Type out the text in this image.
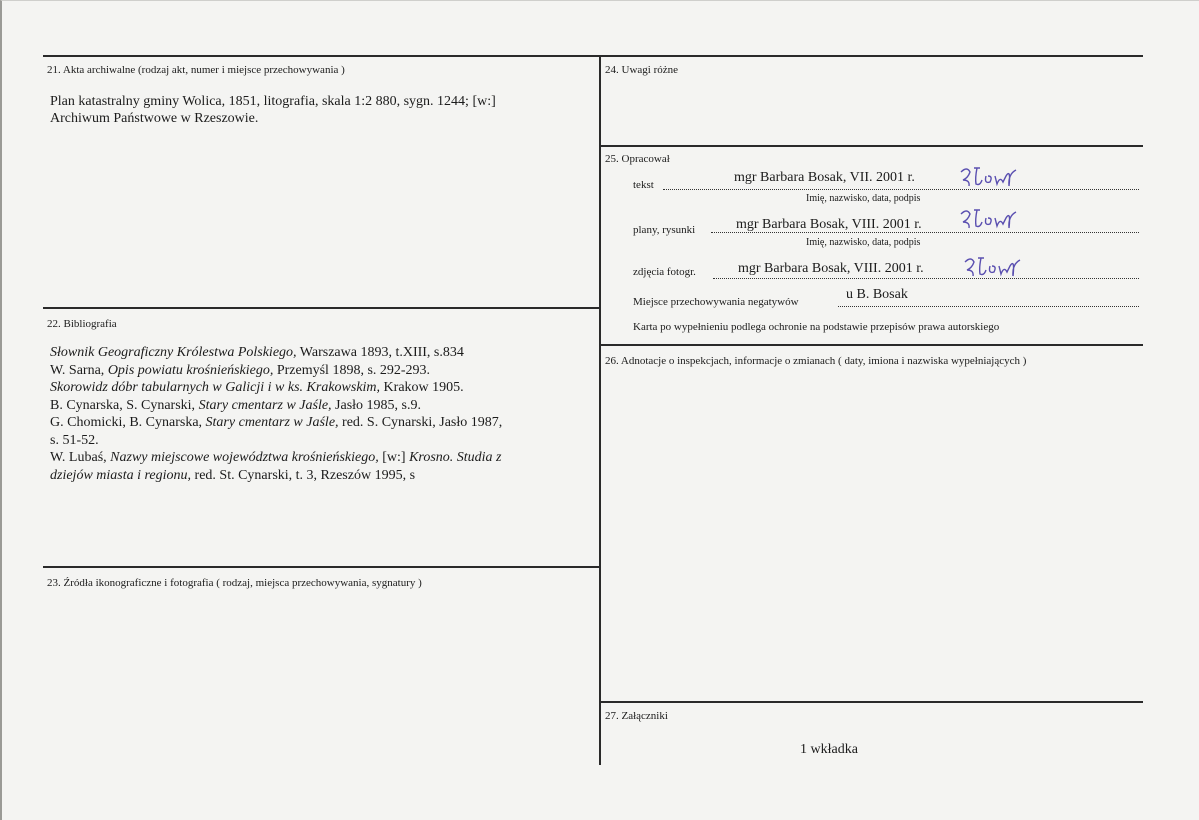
21. Akta archiwalne (rodzaj akt, numer i miejsce przechowywania )
Plan katastralny gminy Wolica, 1851, litografia, skala 1:2 880, sygn. 1244; [w:]
Archiwum Państwowe w Rzeszowie.
22. Bibliografia
Słownik Geograficzny Królestwa Polskiego, Warszawa 1893, t.XIII, s.834
W. Sarna, Opis powiatu krośnieńskiego, Przemyśl 1898, s. 292-293.
Skorowidz dóbr tabularnych w Galicji i w ks. Krakowskim, Krakow 1905.
B. Cynarska, S. Cynarski, Stary cmentarz w Jaśle, Jasło 1985, s.9.
G. Chomicki, B. Cynarska, Stary cmentarz w Jaśle, red. S. Cynarski, Jasło 1987,
s. 51-52.
W. Lubaś, Nazwy miejscowe województwa krośnieńskiego, [w:] Krosno. Studia z
dziejów miasta i regionu, red. St. Cynarski, t. 3, Rzeszów 1995, s
23. Źródła ikonograficzne i fotografia ( rodzaj, miejsca przechowywania, sygnatury )
24. Uwagi różne
25. Opracował
tekst	mgr Barbara Bosak, VII. 2001 r.
Imię, nazwisko, data, podpis
plany, rysunki	mgr Barbara Bosak, VIII. 2001 r.
Imię, nazwisko, data, podpis
zdjęcia fotogr.	mgr Barbara Bosak, VIII. 2001 r.
Miejsce przechowywania negatywów	u B. Bosak
Karta po wypełnieniu podlega ochronie na podstawie przepisów prawa autorskiego
26. Adnotacje o inspekcjach, informacje o zmianach ( daty, imiona i nazwiska wypełniających )
27. Załączniki
1 wkładka
